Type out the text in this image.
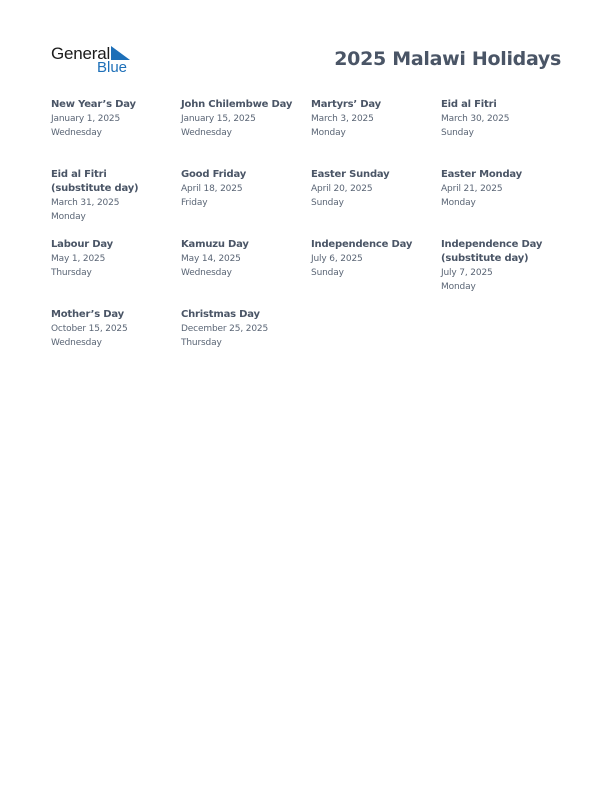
General
Blue	2025 Malawi Holidays
New Year’s Day
January 1, 2025
Wednesday
John Chilembwe Day
January 15, 2025
Wednesday
Martyrs’ Day
March 3, 2025
Monday
Eid al Fitri
March 30, 2025
Sunday
Eid al Fitri (substitute day)
March 31, 2025
Monday
Good Friday
April 18, 2025
Friday
Easter Sunday
April 20, 2025
Sunday
Easter Monday
April 21, 2025
Monday
Labour Day
May 1, 2025
Thursday
Kamuzu Day
May 14, 2025
Wednesday
Independence Day
July 6, 2025
Sunday
Independence Day (substitute day)
July 7, 2025
Monday
Mother’s Day
October 15, 2025
Wednesday
Christmas Day
December 25, 2025
Thursday
